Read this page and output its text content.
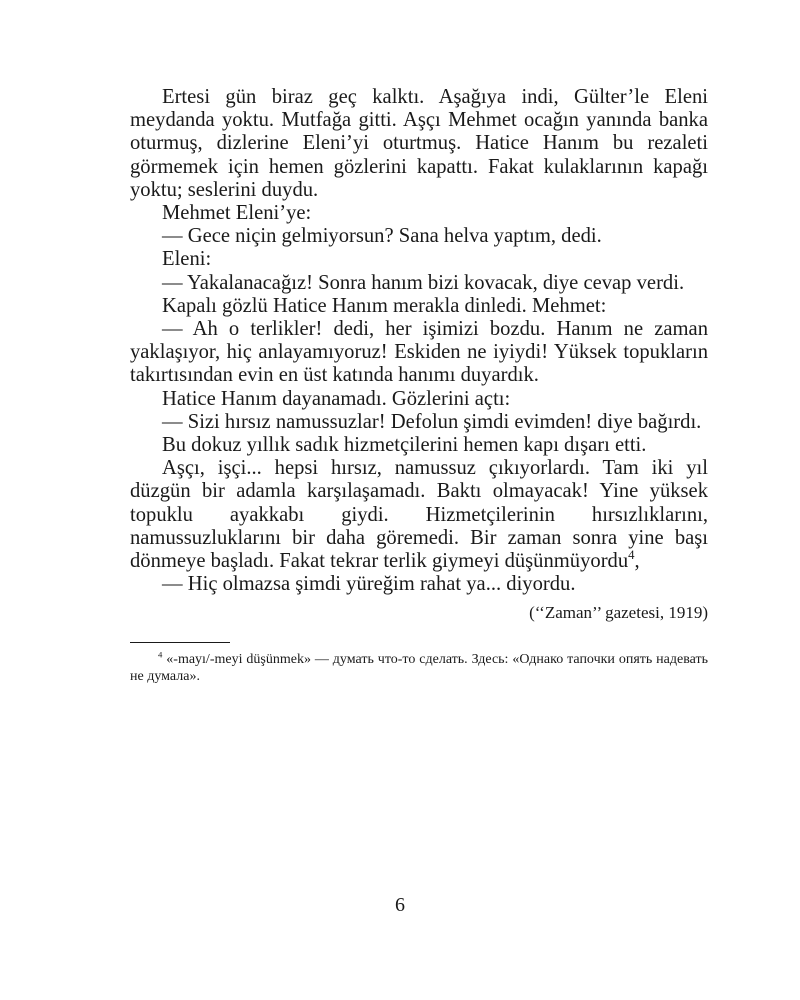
Ertesi gün biraz geç kalktı. Aşağıya indi, Gülter’le Eleni meydanda yoktu. Mutfağa gitti. Aşçı Mehmet ocağın yanında banka oturmuş, dizlerine Eleni’yi oturtmuş. Hatice Hanım bu rezaleti görmemek için hemen gözlerini kapattı. Fakat kulaklarının kapağı yoktu; seslerini duydu.

Mehmet Eleni’ye:

— Gece niçin gelmiyorsun? Sana helva yaptım, dedi.

Eleni:

— Yakalanacağız! Sonra hanım bizi kovacak, diye cevap verdi.

Kapalı gözlü Hatice Hanım merakla dinledi. Mehmet:

— Ah o terlikler! dedi, her işimizi bozdu. Hanım ne zaman yaklaşıyor, hiç anlayamıyoruz! Eskiden ne iyiydi! Yüksek topukların takırtısından evin en üst katında hanımı duyardık.

Hatice Hanım dayanamadı. Gözlerini açtı:

— Sizi hırsız namussuzlar! Defolun şimdi evimden! diye bağırdı.

Bu dokuz yıllık sadık hizmetçilerini hemen kapı dışarı etti.

Aşçı, işçi... hepsi hırsız, namussuz çıkıyorlardı. Tam iki yıl düzgün bir adamla karşılaşamadı. Baktı olmayacak! Yine yüksek topuklu ayakkabı giydi. Hizmetçilerinin hırsızlıklarını, namussuzluklarını bir daha göremedi. Bir zaman sonra yine başı dönmeye başladı. Fakat tekrar terlik giymeyi düşünmüyordu$^4$,

— Hiç olmazsa şimdi yüreğim rahat ya... diyordu.

(‘‘Zaman’’ gazetesi, 1919)

$^4$ «-mayı/-meyi düşünmek» — думать что-то сделать. Здесь: «Однако тапочки опять надевать не думала».

6
